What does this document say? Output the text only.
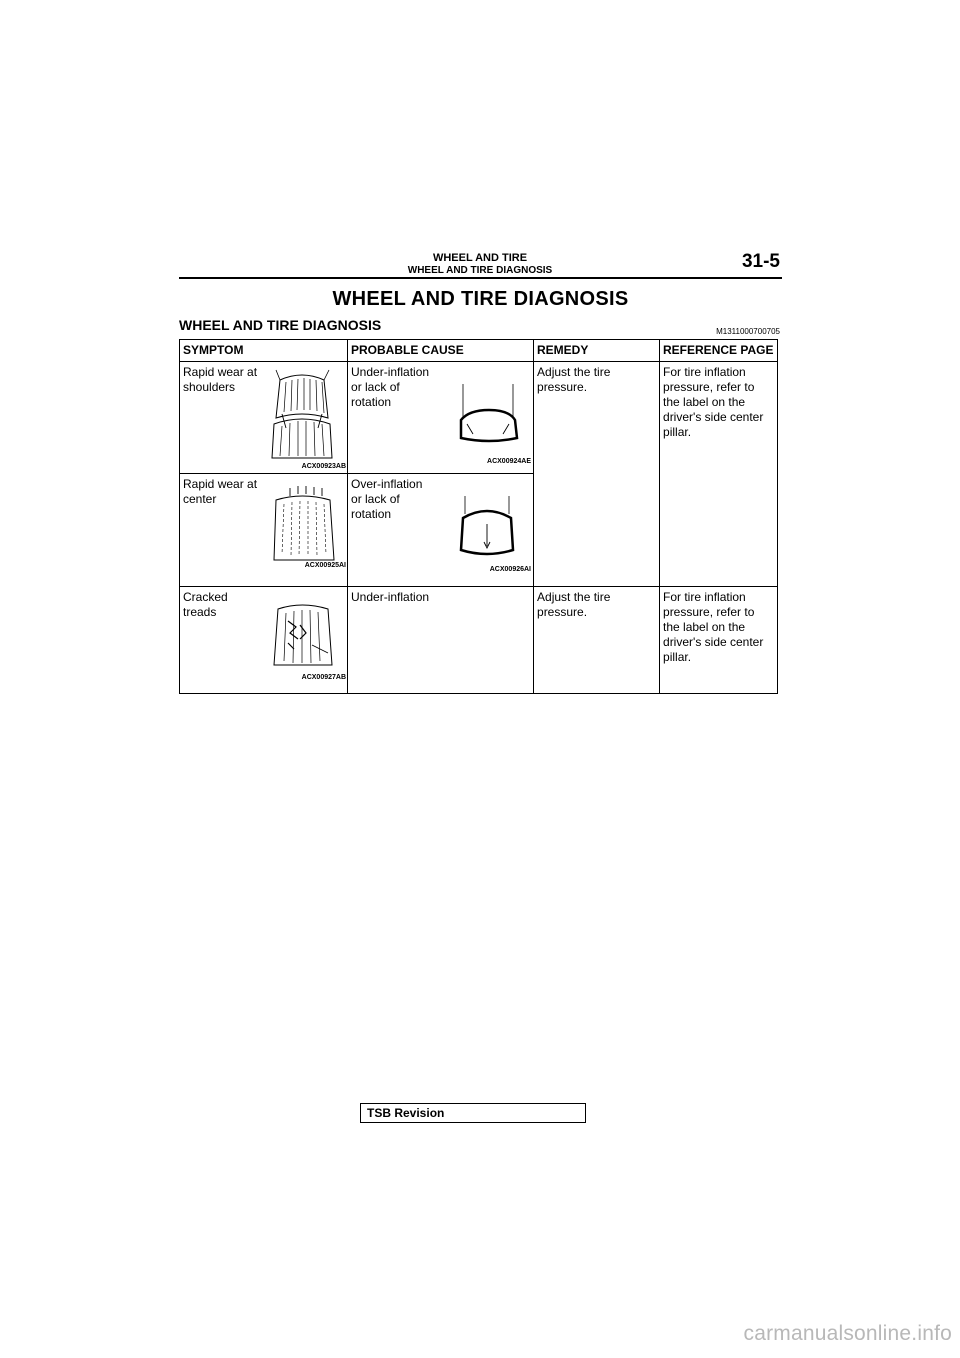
WHEEL AND TIRE
WHEEL AND TIRE DIAGNOSIS	31-5
WHEEL AND TIRE DIAGNOSIS
WHEEL AND TIRE DIAGNOSIS	M1311000700705
SYMPTOM		PROBABLE CAUSE		REMEDY	REFERENCE PAGE
Rapid wear at shoulders	ACX00923AB	Under-inflation or lack of rotation	ACX00924AE	Adjust the tire pressure.	For tire inflation pressure, refer to the label on the driver's side center pillar.
Rapid wear at center	ACX00925AI	Over-inflation or lack of rotation	ACX00926AI		

Cracked treads	ACX00927AB	Under-inflation		Adjust the tire pressure.	For tire inflation pressure, refer to the label on the driver's side center pillar.
TSB Revision
carmanualsonline.info
